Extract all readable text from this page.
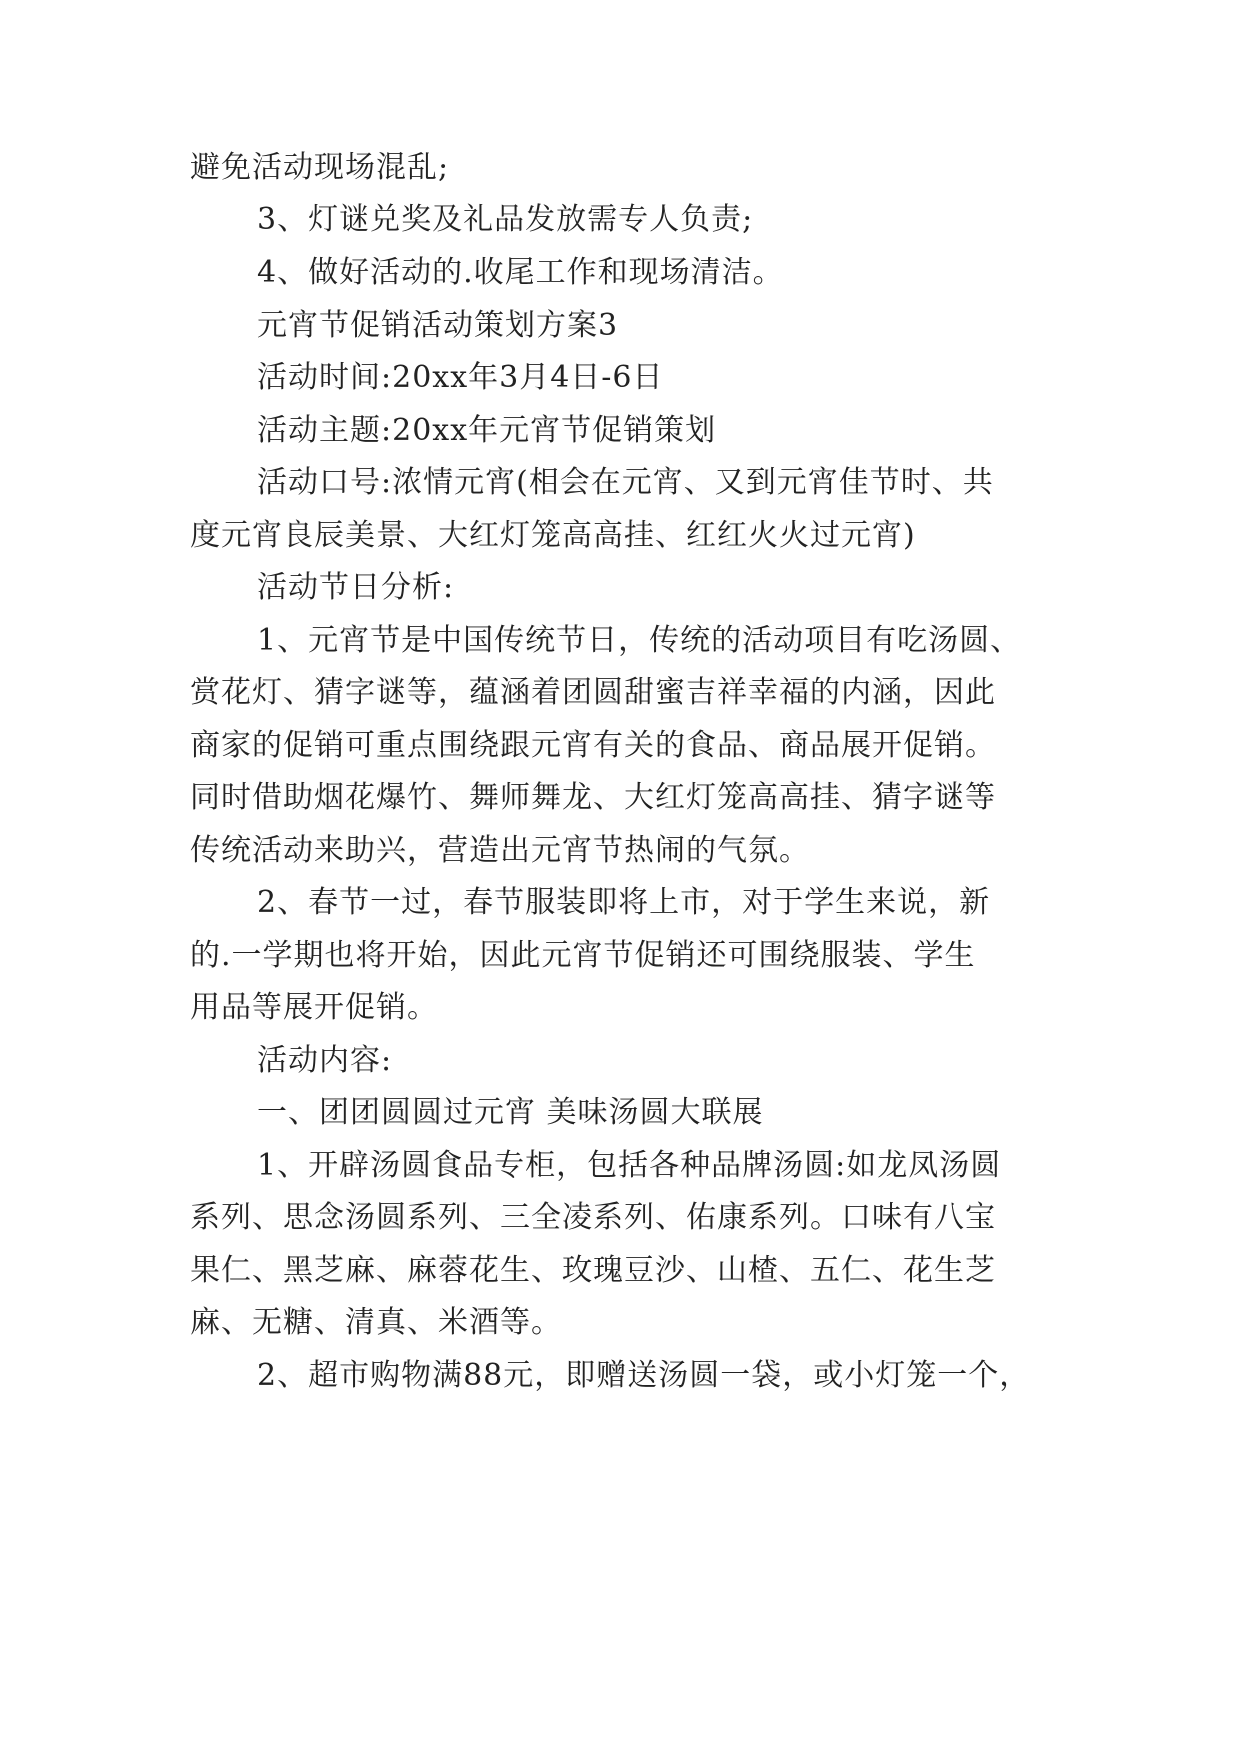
避免活动现场混乱;
3、灯谜兑奖及礼品发放需专人负责;
4、做好活动的.收尾工作和现场清洁。
元宵节促销活动策划方案3
活动时间:20xx年3月4日-6日
活动主题:20xx年元宵节促销策划
活动口号:浓情元宵(相会在元宵、又到元宵佳节时、共
度元宵良辰美景、大红灯笼高高挂、红红火火过元宵)
活动节日分析:
1、元宵节是中国传统节日，传统的活动项目有吃汤圆、
赏花灯、猜字谜等，蕴涵着团圆甜蜜吉祥幸福的内涵，因此
商家的促销可重点围绕跟元宵有关的食品、商品展开促销。
同时借助烟花爆竹、舞师舞龙、大红灯笼高高挂、猜字谜等
传统活动来助兴，营造出元宵节热闹的气氛。
2、春节一过，春节服装即将上市，对于学生来说，新
的.一学期也将开始，因此元宵节促销还可围绕服装、学生
用品等展开促销。
活动内容:
一、团团圆圆过元宵 美味汤圆大联展
1、开辟汤圆食品专柜，包括各种品牌汤圆:如龙凤汤圆
系列、思念汤圆系列、三全凌系列、佑康系列。口味有八宝
果仁、黑芝麻、麻蓉花生、玫瑰豆沙、山楂、五仁、花生芝
麻、无糖、清真、米酒等。
2、超市购物满88元，即赠送汤圆一袋，或小灯笼一个，
